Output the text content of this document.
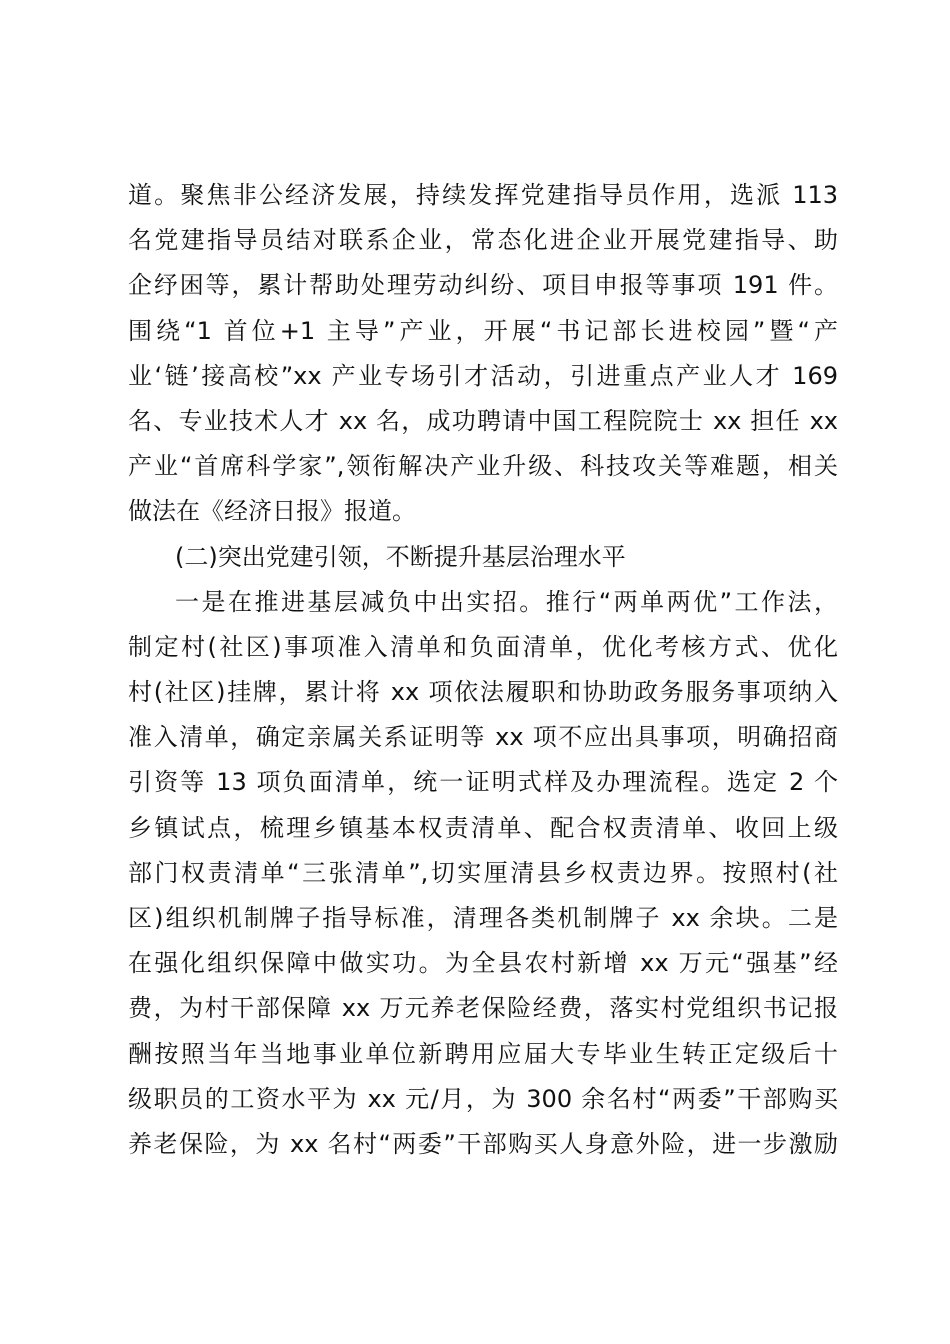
道。聚焦非公经济发展，持续发挥党建指导员作用，选派 113
名党建指导员结对联系企业，常态化进企业开展党建指导、助
企纾困等，累计帮助处理劳动纠纷、项目申报等事项 191 件。
围绕“1 首位+1 主导”产业，开展“书记部长进校园”暨“产
业‘链’接高校”xx 产业专场引才活动，引进重点产业人才 169
名、专业技术人才 xx 名，成功聘请中国工程院院士 xx 担任 xx
产业“首席科学家”,领衔解决产业升级、科技攻关等难题，相关
做法在《经济日报》报道。
(二)突出党建引领，不断提升基层治理水平
一是在推进基层减负中出实招。推行“两单两优”工作法，
制定村(社区)事项准入清单和负面清单，优化考核方式、优化
村(社区)挂牌，累计将 xx 项依法履职和协助政务服务事项纳入
准入清单，确定亲属关系证明等 xx 项不应出具事项，明确招商
引资等 13 项负面清单，统一证明式样及办理流程。选定 2 个
乡镇试点，梳理乡镇基本权责清单、配合权责清单、收回上级
部门权责清单“三张清单”,切实厘清县乡权责边界。按照村(社
区)组织机制牌子指导标准，清理各类机制牌子 xx 余块。二是
在强化组织保障中做实功。为全县农村新增 xx 万元“强基”经
费，为村干部保障 xx 万元养老保险经费，落实村党组织书记报
酬按照当年当地事业单位新聘用应届大专毕业生转正定级后十
级职员的工资水平为 xx 元/月，为 300 余名村“两委”干部购买
养老保险，为 xx 名村“两委”干部购买人身意外险，进一步激励
